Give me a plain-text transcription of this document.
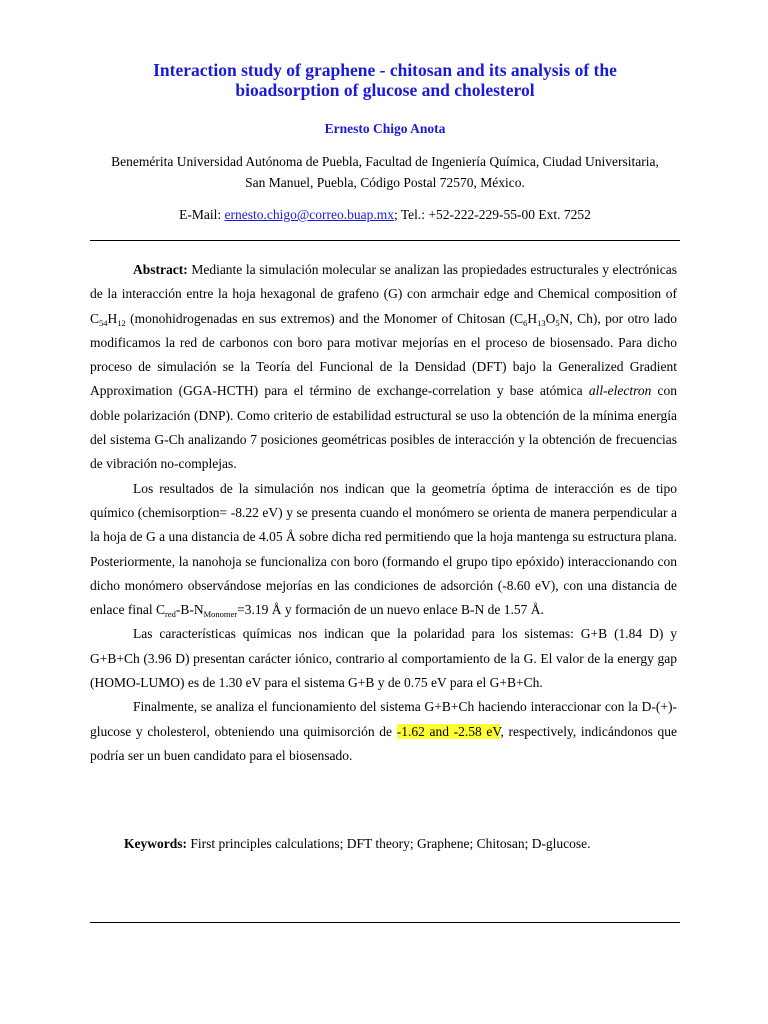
Interaction study of graphene - chitosan and its analysis of the
bioadsorption of glucose and cholesterol
Ernesto Chigo Anota
Benemérita Universidad Autónoma de Puebla, Facultad de Ingeniería Química, Ciudad Universitaria,
San Manuel, Puebla, Código Postal 72570, México.
E-Mail: ernesto.chigo@correo.buap.mx; Tel.: +52-222-229-55-00 Ext. 7252

Abstract: Mediante la simulación molecular se analizan las propiedades estructurales y electrónicas de la interacción entre la hoja hexagonal de grafeno (G) con armchair edge and Chemical composition of $C_{54}H_{12}$ (monohidrogenadas en sus extremos) and the Monomer of Chitosan ($C_6H_{13}O_5N$, Ch), por otro lado modificamos la red de carbonos con boro para motivar mejorías en el proceso de biosensado. Para dicho proceso de simulación se la Teoría del Funcional de la Densidad (DFT) bajo la Generalized Gradient Approximation (GGA-HCTH) para el término de exchange-correlation y base atómica all-electron con doble polarización (DNP). Como criterio de estabilidad estructural se uso la obtención de la mínima energía del sistema G-Ch analizando 7 posiciones geométricas posibles de interacción y la obtención de frecuencias de vibración no-complejas.

Los resultados de la simulación nos indican que la geometría óptima de interacción es de tipo químico (chemisorption= -8.22 eV) y se presenta cuando el monómero se orienta de manera perpendicular a la hoja de G a una distancia de 4.05 Å sobre dicha red permitiendo que la hoja mantenga su estructura plana. Posteriormente, la nanohoja se funcionaliza con boro (formando el grupo tipo epóxido) interaccionando con dicho monómero observándose mejorías en las condiciones de adsorción (-8.60 eV), con una distancia de enlace final $C_{red}-B-N_{Monomer}=3.19$ Å y formación de un nuevo enlace B-N de 1.57 Å.

Las características químicas nos indican que la polaridad para los sistemas: G+B (1.84 D) y G+B+Ch (3.96 D) presentan carácter iónico, contrario al comportamiento de la G. El valor de la energy gap (HOMO-LUMO) es de 1.30 eV para el sistema G+B y de 0.75 eV para el G+B+Ch.

Finalmente, se analiza el funcionamiento del sistema G+B+Ch haciendo interaccionar con la D-(+)-glucose y cholesterol, obteniendo una quimisorción de -1.62 and -2.58 eV, respectively, indicándonos que podría ser un buen candidato para el biosensado.

Keywords: First principles calculations; DFT theory; Graphene; Chitosan; D-glucose.
